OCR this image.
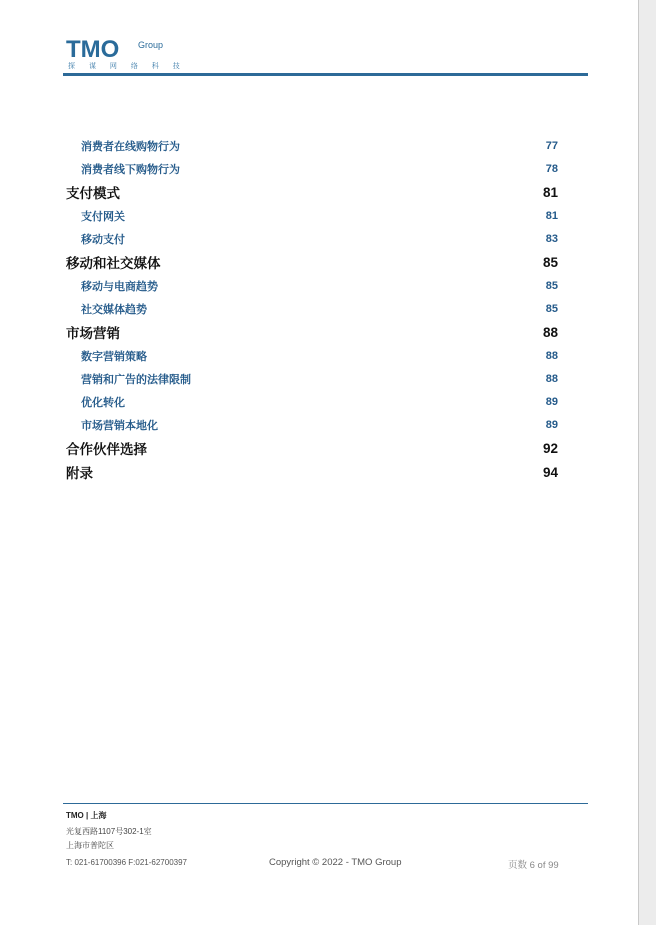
TMO Group
探 谋 网 络 科 技
消费者在线购物行为	77
消费者线下购物行为	78
支付模式	81
支付网关	81
移动支付	83
移动和社交媒体	85
移动与电商趋势	85
社交媒体趋势	85
市场营销	88
数字营销策略	88
营销和广告的法律限制	88
优化转化	89
市场营销本地化	89
合作伙伴选择	92
附录	94
TMO | 上海
光复西路1107号302-1室
上海市普陀区
T: 021-61700396 F:021-62700397	Copyright © 2022 - TMO Group	页数 6 of 99
